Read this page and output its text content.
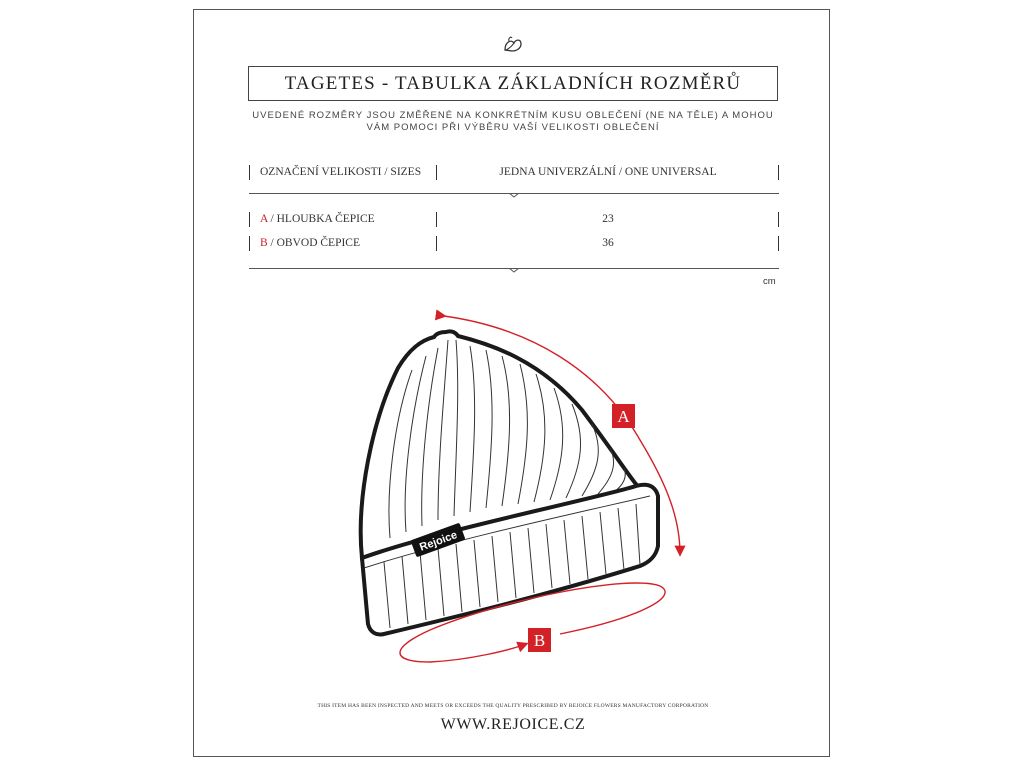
TAGETES - TABULKA ZÁKLADNÍCH ROZMĚRŮ
UVEDENÉ ROZMĚRY JSOU ZMĚŘENÉ NA KONKRÉTNÍM KUSU OBLEČENÍ (NE NA TĚLE) A MOHOU
VÁM POMOCI PŘI VÝBĚRU VAŠÍ VELIKOSTI OBLEČENÍ
OZNAČENÍ VELIKOSTI / SIZES	JEDNA UNIVERZÁLNÍ / ONE UNIVERSAL
A / HLOUBKA ČEPICE	23
B / OBVOD ČEPICE	36
cm
Rejoice
A
B
THIS ITEM HAS BEEN INSPECTED AND MEETS OR EXCEEDS THE QUALITY PRESCRIBED BY REJOICE FLOWERS MANUFACTORY CORPORATION
WWW.REJOICE.CZ
